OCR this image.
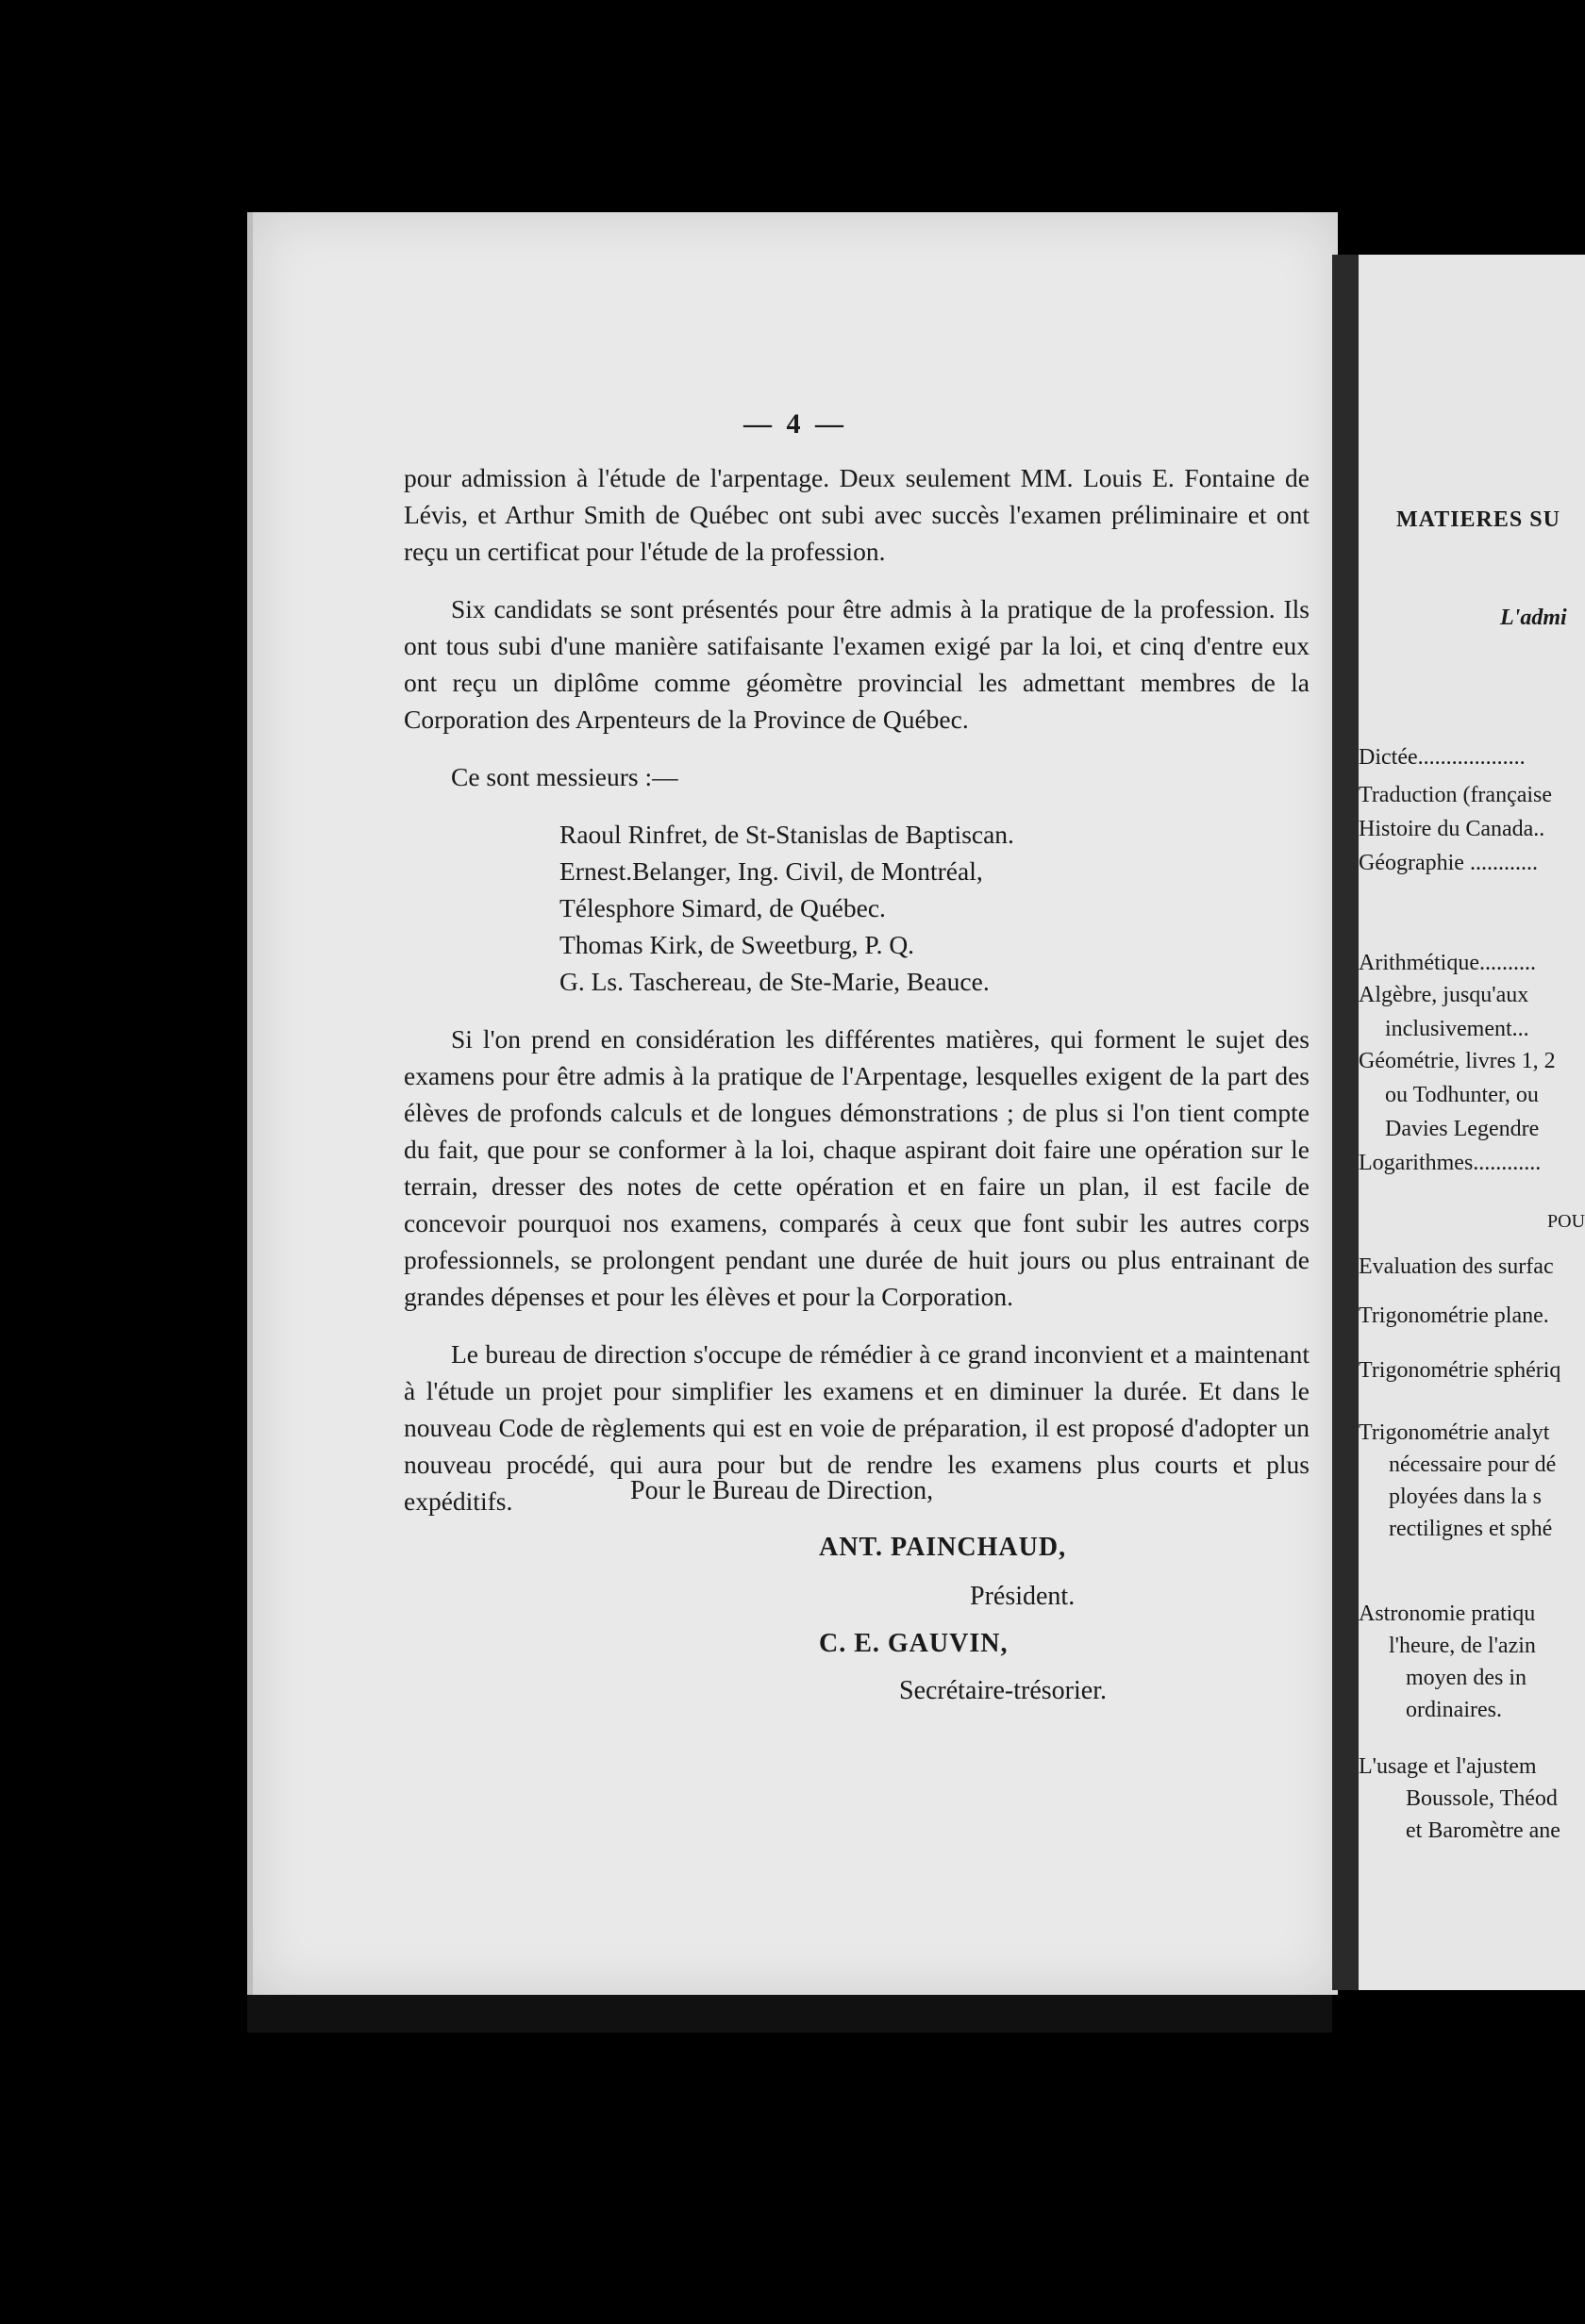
— 4 —

pour admission à l'étude de l'arpentage. Deux seulement MM. Louis E. Fontaine de Lévis, et Arthur Smith de Québec ont subi avec succès l'examen préliminaire et ont reçu un certificat pour l'étude de la profession.

Six candidats se sont présentés pour être admis à la pratique de la profession. Ils ont tous subi d'une manière satifaisante l'examen exigé par la loi, et cinq d'entre eux ont reçu un diplôme comme géomètre provincial les admettant membres de la Corporation des Arpenteurs de la Province de Québec.

Ce sont messieurs :—

Raoul Rinfret, de St-Stanislas de Baptiscan.
Ernest.Belanger, Ing. Civil, de Montréal,
Télesphore Simard, de Québec.
Thomas Kirk, de Sweetburg, P. Q.
G. Ls. Taschereau, de Ste-Marie, Beauce.

Si l'on prend en considération les différentes matières, qui forment le sujet des examens pour être admis à la pratique de l'Arpentage, lesquelles exigent de la part des élèves de profonds calculs et de longues démonstrations ; de plus si l'on tient compte du fait, que pour se conformer à la loi, chaque aspirant doit faire une opération sur le terrain, dresser des notes de cette opération et en faire un plan, il est facile de concevoir pourquoi nos examens, comparés à ceux que font subir les autres corps professionnels, se prolongent pendant une durée de huit jours ou plus entrainant de grandes dépenses et pour les élèves et pour la Corporation.

Le bureau de direction s'occupe de rémédier à ce grand inconvient et a maintenant à l'étude un projet pour simplifier les examens et en diminuer la durée. Et dans le nouveau Code de règlements qui est en voie de préparation, il est proposé d'adopter un nouveau procédé, qui aura pour but de rendre les examens plus courts et plus expéditifs.	Pour le Bureau de Direction,
ANT. PAINCHAUD,
Président.
C. E. GAUVIN,
Secrétaire-trésorier.
MATIERES SU
L'admi
Dictée...................
Traduction (française
Histoire du Canada..
Géographie ............
Arithmétique..........
Algèbre, jusqu'aux
inclusivement...
Géométrie, livres 1, 2
ou Todhunter, ou
Davies Legendre
Logarithmes............
POU
Evaluation des surfac
Trigonométrie plane.
Trigonométrie sphériq
Trigonométrie analyt
nécessaire pour dé
ployées dans la s
rectilignes et sphé
Astronomie pratiqu
l'heure, de l'azin
moyen des in
ordinaires.
L'usage et l'ajustem
Boussole, Théod
et Baromètre ane
